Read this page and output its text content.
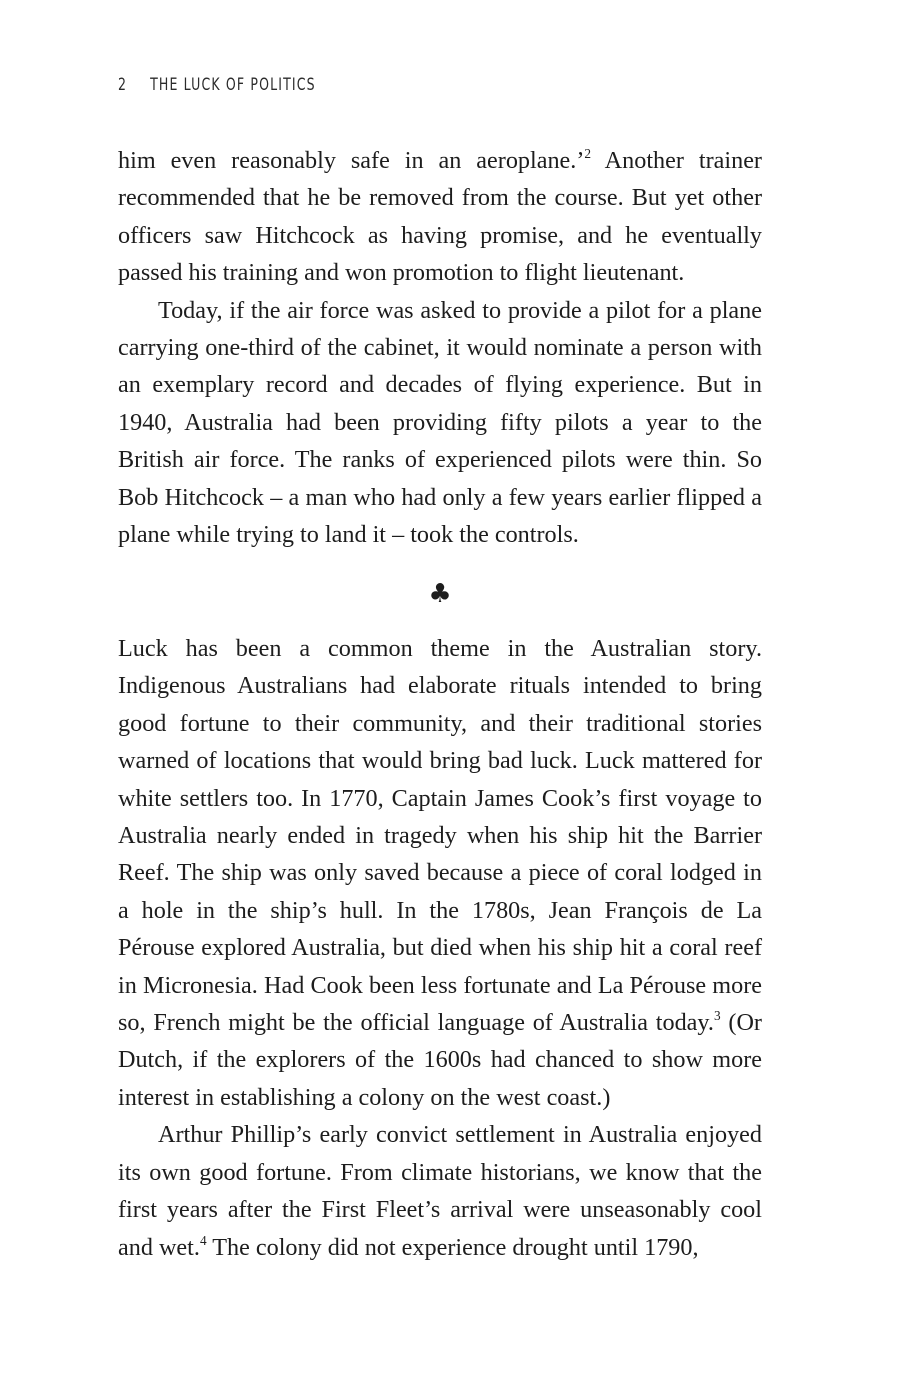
2 THE LUCK OF POLITICS

him even reasonably safe in an aeroplane.’$^2$ Another trainer recommended that he be removed from the course. But yet other officers saw Hitchcock as having promise, and he eventually passed his training and won promotion to flight lieutenant.

Today, if the air force was asked to provide a pilot for a plane carrying one-third of the cabinet, it would nominate a person with an exemplary record and decades of flying experience. But in 1940, Australia had been providing fifty pilots a year to the British air force. The ranks of experienced pilots were thin. So Bob Hitchcock – a man who had only a few years earlier flipped a plane while trying to land it – took the controls.

♣

Luck has been a common theme in the Australian story. Indigenous Australians had elaborate rituals intended to bring good fortune to their community, and their traditional stories warned of locations that would bring bad luck. Luck mattered for white settlers too. In 1770, Captain James Cook’s first voyage to Australia nearly ended in tragedy when his ship hit the Barrier Reef. The ship was only saved because a piece of coral lodged in a hole in the ship’s hull. In the 1780s, Jean François de La Pérouse explored Australia, but died when his ship hit a coral reef in Micronesia. Had Cook been less fortunate and La Pérouse more so, French might be the official language of Australia today.$^3$ (Or Dutch, if the explorers of the 1600s had chanced to show more interest in establishing a colony on the west coast.)

Arthur Phillip’s early convict settlement in Australia enjoyed its own good fortune. From climate historians, we know that the first years after the First Fleet’s arrival were unseasonably cool and wet.$^4$ The colony did not experience drought until 1790,
